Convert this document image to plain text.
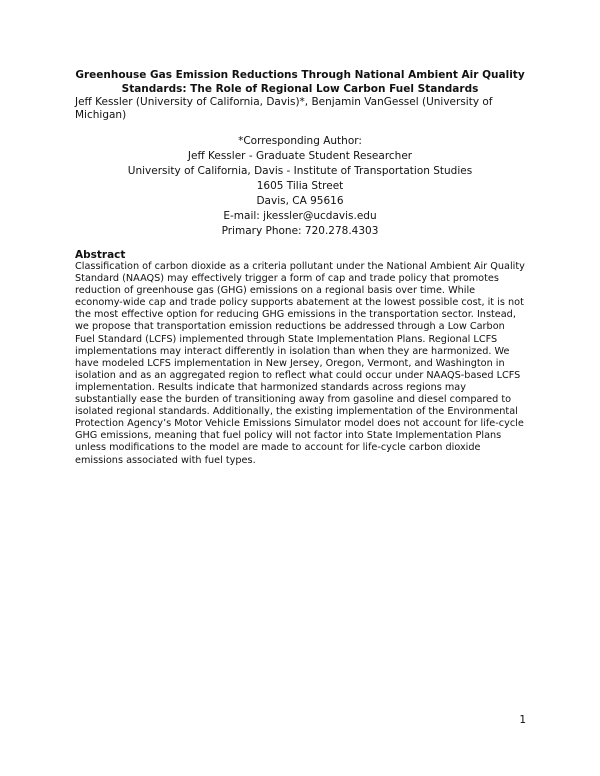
Greenhouse Gas Emission Reductions Through National Ambient Air Quality Standards: The Role of Regional Low Carbon Fuel Standards

Jeff Kessler (University of California, Davis)*, Benjamin VanGessel (University of Michigan)

*Corresponding Author:
Jeff Kessler - Graduate Student Researcher
University of California, Davis - Institute of Transportation Studies
1605 Tilia Street
Davis, CA 95616
E-mail: jkessler@ucdavis.edu
Primary Phone: 720.278.4303
Abstract

Classification of carbon dioxide as a criteria pollutant under the National Ambient Air Quality Standard (NAAQS) may effectively trigger a form of cap and trade policy that promotes reduction of greenhouse gas (GHG) emissions on a regional basis over time. While economy-wide cap and trade policy supports abatement at the lowest possible cost, it is not the most effective option for reducing GHG emissions in the transportation sector. Instead, we propose that transportation emission reductions be addressed through a Low Carbon Fuel Standard (LCFS) implemented through State Implementation Plans. Regional LCFS implementations may interact differently in isolation than when they are harmonized. We have modeled LCFS implementation in New Jersey, Oregon, Vermont, and Washington in isolation and as an aggregated region to reflect what could occur under NAAQS-based LCFS implementation. Results indicate that harmonized standards across regions may substantially ease the burden of transitioning away from gasoline and diesel compared to isolated regional standards. Additionally, the existing implementation of the Environmental Protection Agency’s Motor Vehicle Emissions Simulator model does not account for life-cycle GHG emissions, meaning that fuel policy will not factor into State Implementation Plans unless modifications to the model are made to account for life-cycle carbon dioxide emissions associated with fuel types.

1
